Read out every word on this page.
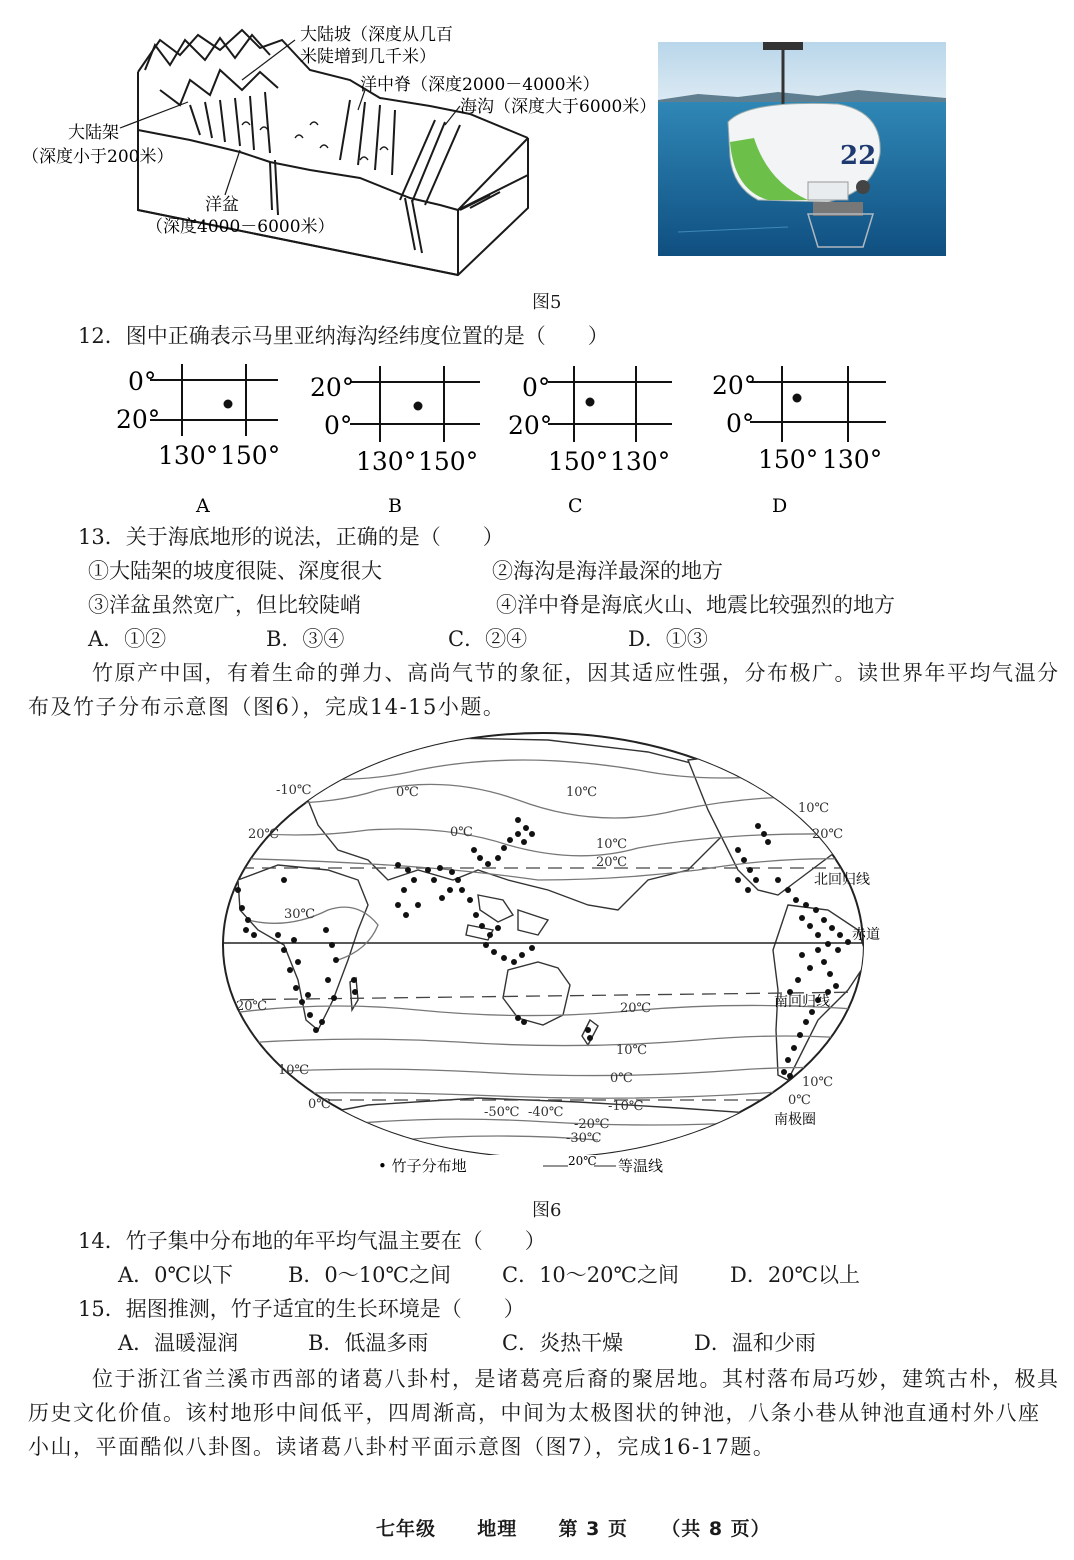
大陆坡（深度从几百
米陡增到几千米）
洋中脊（深度2000－4000米）
海沟（深度大于6000米）
大陆架
（深度小于200米）
洋盆
（深度4000－6000米）
22
图5
12．图中正确表示马里亚纳海沟经纬度位置的是（　　）
0°
20°
130° 150°
A
20°
0°
130° 150°
B
0°
20°
150° 130°
C
20°
0°
150° 130°
D
13．关于海底地形的说法，正确的是（　　）
①大陆架的坡度很陡、深度很大	②海沟是海洋最深的地方
③洋盆虽然宽广，但比较陡峭	④洋中脊是海底火山、地震比较强烈的地方
A．①②	B．③④	C．②④	D．①③
竹原产中国，有着生命的弹力、高尚气节的象征，因其适应性强，分布极广。读世界年平均气温分
布及竹子分布示意图（图6），完成14-15小题。
北回归线
赤道
南回归线
南极圈
-10℃	0℃
0℃
10℃
10℃
10℃
20℃
20℃
20℃
30℃
20℃	20℃
10℃
10℃
10℃
0℃
0℃
0℃
-10℃
-20℃
-30℃
-40℃
-50℃
• 竹子分布地	20℃ 等温线
图6
14．竹子集中分布地的年平均气温主要在（　　）
A．0℃以下	B．0～10℃之间 C．10～20℃之间 D．20℃以上
15．据图推测，竹子适宜的生长环境是（　　）
A．温暖湿润	B．低温多雨	C．炎热干燥	D．温和少雨
位于浙江省兰溪市西部的诸葛八卦村，是诸葛亮后裔的聚居地。其村落布局巧妙，建筑古朴，极具
历史文化价值。该村地形中间低平，四周渐高，中间为太极图状的钟池，八条小巷从钟池直通村外八座
小山，平面酷似八卦图。读诸葛八卦村平面示意图（图7），完成16-17题。
七年级 地理 第 3 页 （共 8 页）
